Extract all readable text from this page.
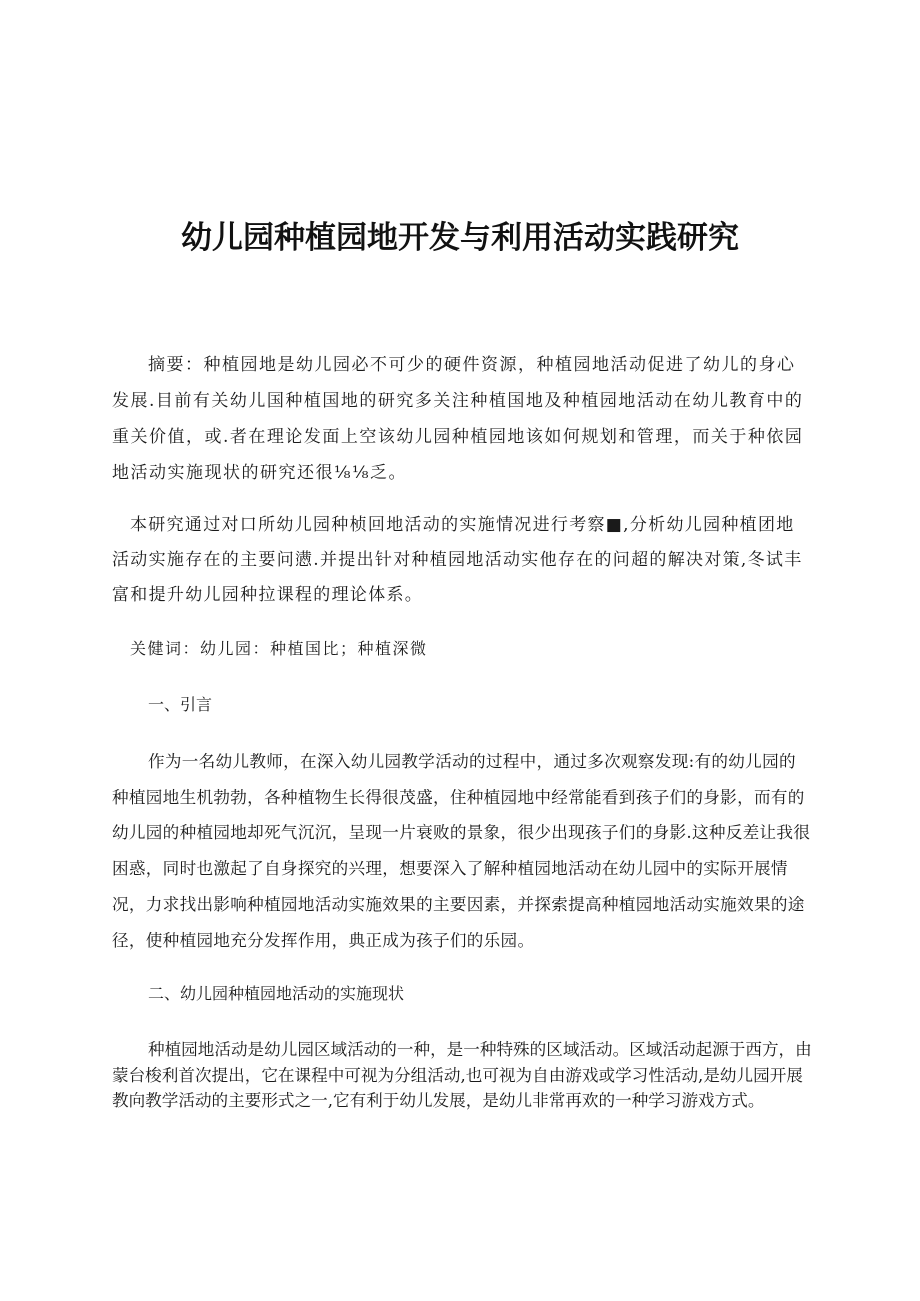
幼儿园种植园地开发与利用活动实践研究

摘要：种植园地是幼儿园必不可少的硬件资源，种植园地活动促进了幼儿的身心发展.目前有关幼儿国种植国地的研究多关注种植国地及种植园地活动在幼儿教育中的重关价值，或.者在理论发面上空该幼儿园种植园地该如何规划和管理，而关于种依园地活动实施现状的研究还很⅛⅛乏。

本研究通过对口所幼儿园种桢回地活动的实施情况进行考察■,分析幼儿园种植团地活动实施存在的主要问懑.并提出针对种植园地活动实他存在的问超的解决对策,冬试丰富和提升幼儿园种拉课程的理论体系。

关健词：幼儿园：种植国比；种植深微

一、引言

作为一名幼儿教师，在深入幼儿园教学活动的过程中，通过多次观察发现:有的幼儿园的种植园地生机勃勃，各种植物生长得很茂盛，住种植园地中经常能看到孩子们的身影，而有的幼儿园的种植园地却死气沉沉，呈现一片衰败的景象，很少出现孩子们的身影.这种反差让我很困惑，同时也激起了自身探究的兴理，想要深入了解种植园地活动在幼儿园中的实际开展情况，力求找出影响种植园地活动实施效果的主要因素，并探索提高种植园地活动实施效果的途径，使种植园地充分发挥作用，典正成为孩子们的乐园。

二、幼儿园种植园地活动的实施现状

种植园地活动是幼儿园区域活动的一种，是一种特殊的区域活动。区域活动起源于西方，由蒙台梭利首次提出，它在课程中可视为分组活动,也可视为自由游戏或学习性活动,是幼儿园开展教向教学活动的主要形式之一,它有利于幼儿发展，是幼儿非常再欢的一种学习游戏方式。
